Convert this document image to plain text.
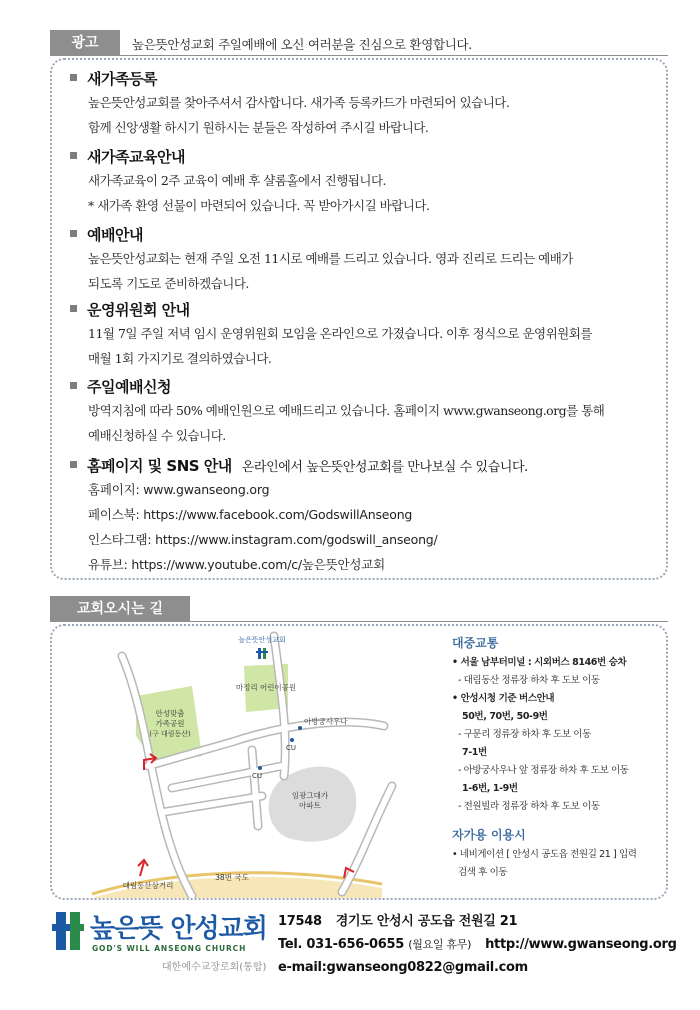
광고	높은뜻안성교회 주일예배에 오신 여러분을 진심으로 환영합니다.
새가족등록
높은뜻안성교회를 찾아주셔서 감사합니다. 새가족 등록카드가 마련되어 있습니다.
함께 신앙생활 하시기 원하시는 분들은 작성하여 주시길 바랍니다.
새가족교육안내
새가족교육이 2주 교육이 예배 후 샬롬홀에서 진행됩니다.
* 새가족 환영 선물이 마련되어 있습니다. 꼭 받아가시길 바랍니다.
예배안내
높은뜻안성교회는 현재 주일 오전 11시로 예배를 드리고 있습니다. 영과 진리로 드리는 예배가
되도록 기도로 준비하겠습니다.
운영위원회 안내
11월 7일 주일 저녁 임시 운영위원회 모임을 온라인으로 가졌습니다. 이후 정식으로 운영위원회를
매월 1회 가지기로 결의하였습니다.
주일예배신청
방역지침에 따라 50% 예배인원으로 예배드리고 있습니다. 홈페이지 www.gwanseong.org를 통해
예배신청하실 수 있습니다.
홈페이지 및 SNS 안내 온라인에서 높은뜻안성교회를 만나보실 수 있습니다.
홈페이지: www.gwanseong.org
페이스북: https://www.facebook.com/GodswillAnseong
인스타그램: https://www.instagram.com/godswill_anseong/
유튜브: https://www.youtube.com/c/높은뜻안성교회
교회오시는 길
높은뜻안성교회
마정리 어린이공원
안성맞춤
가족공원
(구 대림동산)
아방궁사우나
CU
CU
임광그대가
아파트
38번 국도
대림동산삼거리
대중교통
• 서울 남부터미널 : 시외버스 8146번 승차
- 대림동산 정류장 하차 후 도보 이동
• 안성시청 기준 버스안내
50번, 70번, 50-9번
- 구문리 정류장 하차 후 도보 이동
7-1번
- 아방궁사우나 앞 정류장 하차 후 도보 이동
1-6번, 1-9번
- 전원빌라 정류장 하차 후 도보 이동
자가용 이용시
• 네비게이션 [ 안성시 공도읍 전원길 21 ] 입력
검색 후 이동
높은뜻 안성교회
GOD'S WILL ANSEONG CHURCH
대한예수교장로회(통합)
17548 경기도 안성시 공도읍 전원길 21
Tel. 031-656-0655 (월요일 휴무) http://www.gwanseong.org
e-mail:gwanseong0822@gmail.com
